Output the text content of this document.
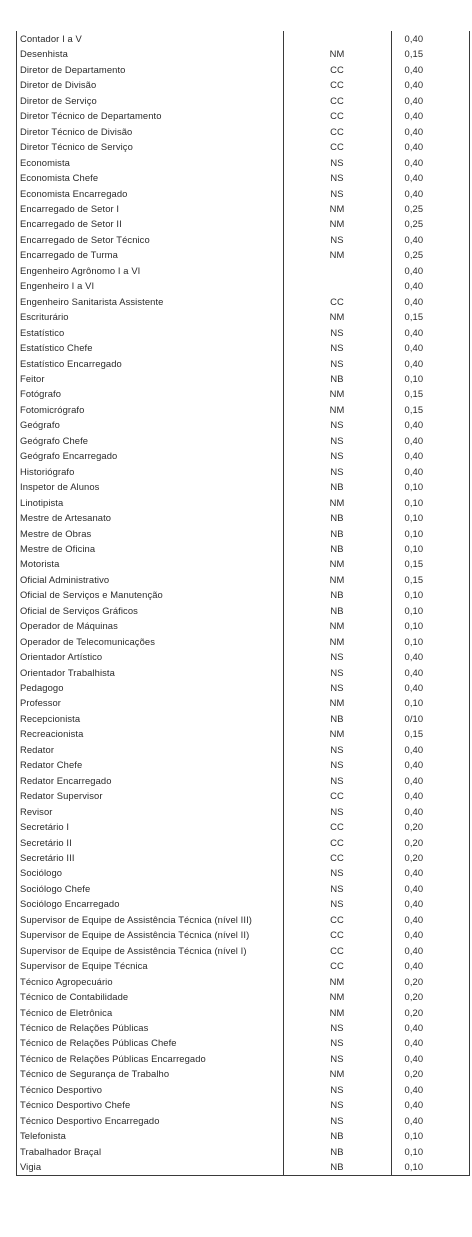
Contador I a V		0,40
Desenhista	NM	0,15
Diretor de Departamento	CC	0,40
Diretor de Divisão	CC	0,40
Diretor de Serviço	CC	0,40
Diretor Técnico de Departamento	CC	0,40
Diretor Técnico de Divisão	CC	0,40
Diretor Técnico de Serviço	CC	0,40
Economista	NS	0,40
Economista Chefe	NS	0,40
Economista Encarregado	NS	0,40
Encarregado de Setor I	NM	0,25
Encarregado de Setor II	NM	0,25
Encarregado de Setor Técnico	NS	0,40
Encarregado de Turma	NM	0,25
Engenheiro Agrônomo I a VI		0,40
Engenheiro I a VI		0,40
Engenheiro Sanitarista Assistente	CC	0,40
Escriturário	NM	0,15
Estatístico	NS	0,40
Estatístico Chefe	NS	0,40
Estatístico Encarregado	NS	0,40
Feitor	NB	0,10
Fotógrafo	NM	0,15
Fotomicrógrafo	NM	0,15
Geógrafo	NS	0,40
Geógrafo Chefe	NS	0,40
Geógrafo Encarregado	NS	0,40
Historiógrafo	NS	0,40
Inspetor de Alunos	NB	0,10
Linotipista	NM	0,10
Mestre de Artesanato	NB	0,10
Mestre de Obras	NB	0,10
Mestre de Oficina	NB	0,10
Motorista	NM	0,15
Oficial Administrativo	NM	0,15
Oficial de Serviços e Manutenção	NB	0,10
Oficial de Serviços Gráficos	NB	0,10
Operador de Máquinas	NM	0,10
Operador de Telecomunicações	NM	0,10
Orientador Artístico	NS	0,40
Orientador Trabalhista	NS	0,40
Pedagogo	NS	0,40
Professor	NM	0,10
Recepcionista	NB	0/10
Recreacionista	NM	0,15
Redator	NS	0,40
Redator Chefe	NS	0,40
Redator Encarregado	NS	0,40
Redator Supervisor	CC	0,40
Revisor	NS	0,40
Secretário I	CC	0,20
Secretário II	CC	0,20
Secretário III	CC	0,20
Sociólogo	NS	0,40
Sociólogo Chefe	NS	0,40
Sociólogo Encarregado	NS	0,40
Supervisor de Equipe de Assistência Técnica (nível III)	CC	0,40
Supervisor de Equipe de Assistência Técnica (nível II)	CC	0,40
Supervisor de Equipe de Assistência Técnica (nível I)	CC	0,40
Supervisor de Equipe Técnica	CC	0,40
Técnico Agropecuário	NM	0,20
Técnico de Contabilidade	NM	0,20
Técnico de Eletrônica	NM	0,20
Técnico de Relações Públicas	NS	0,40
Técnico de Relações Públicas Chefe	NS	0,40
Técnico de Relações Públicas Encarregado	NS	0,40
Técnico de Segurança de Trabalho	NM	0,20
Técnico Desportivo	NS	0,40
Técnico Desportivo Chefe	NS	0,40
Técnico Desportivo Encarregado	NS	0,40
Telefonista	NB	0,10
Trabalhador Braçal	NB	0,10
Vigia	NB	0,10
